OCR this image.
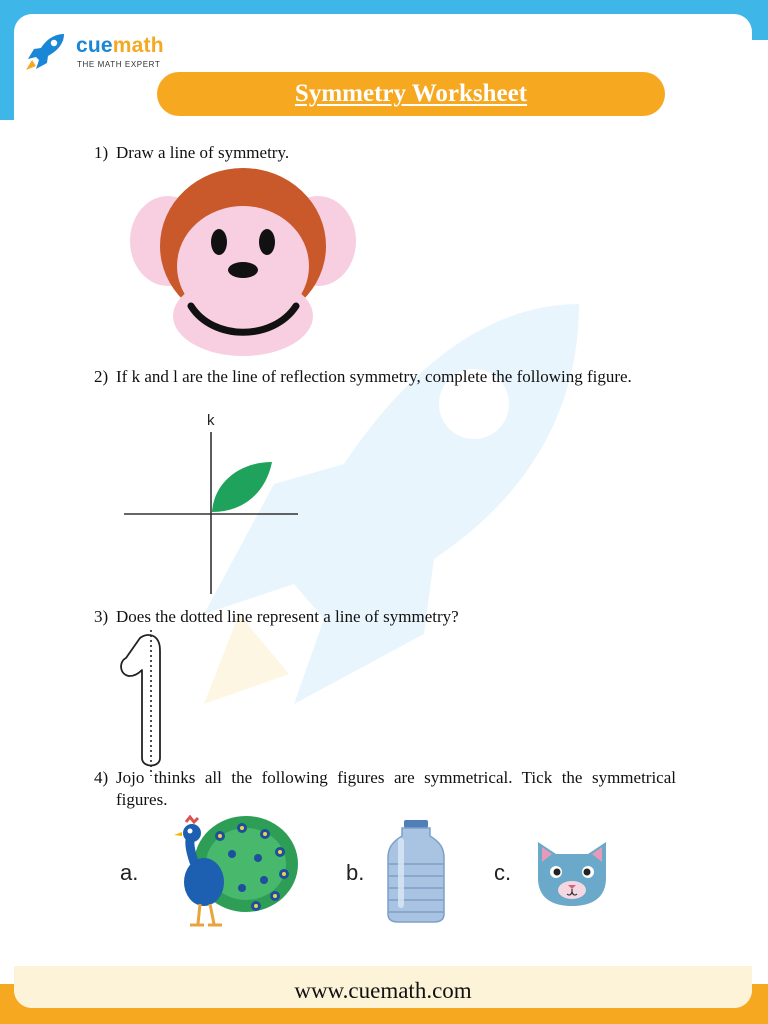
cuemath
THE MATH EXPERT
Symmetry Worksheet
1) Draw a line of symmetry.
2) If k and l are the line of reflection symmetry, complete the following figure.
k
3) Does the dotted line represent a line of symmetry?
4) Jojo thinks all the following figures are symmetrical. Tick the symmetrical figures.
a.	b.	c.
www.cuemath.com
